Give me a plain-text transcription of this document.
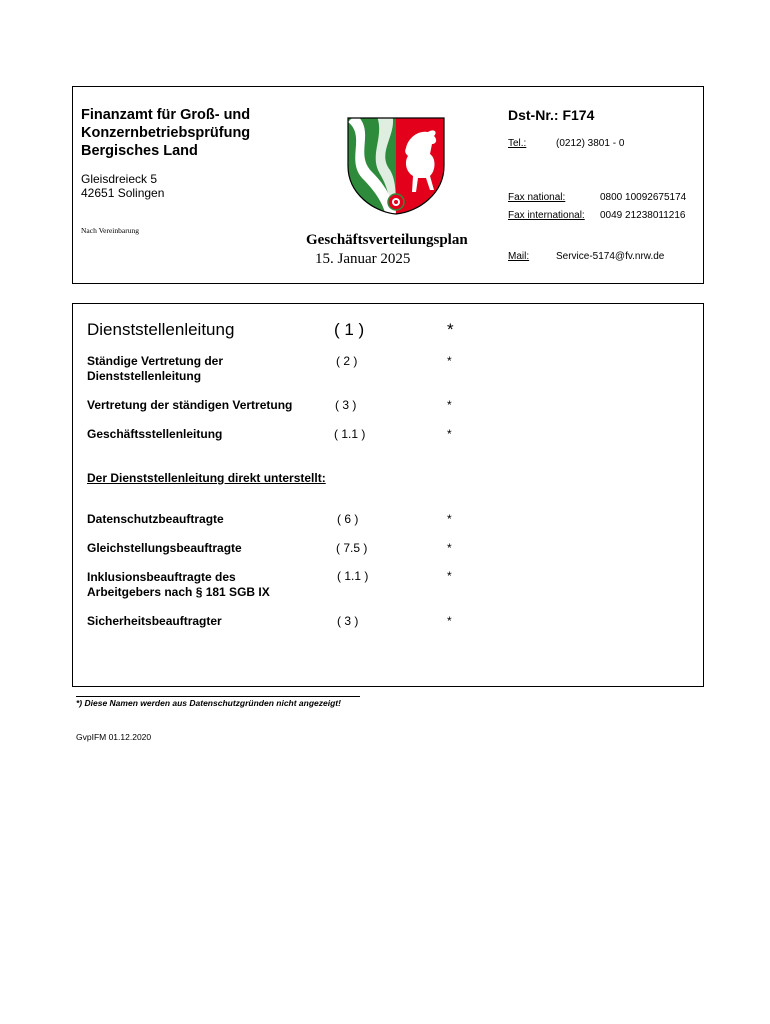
Finanzamt für Groß- und
Konzernbetriebsprüfung
Bergisches Land
Gleisdreieck 5
42651 Solingen
Nach Vereinbarung
Geschäftsverteilungsplan
15. Januar 2025
Dst-Nr.: F174
Tel.:	(0212) 3801 - 0
Fax national:	0800 10092675174
Fax international: 0049 21238011216
Mail:	Service-5174@fv.nrw.de
Dienststellenleitung	( 1 )	*
Ständige Vertretung der
Dienststellenleitung
( 2 )	*
Vertretung der ständigen Vertretung	( 3 )	*
Geschäftsstellenleitung	( 1.1 )	*
Der Dienststellenleitung direkt unterstellt:
Datenschutzbeauftragte	( 6 )	*
Gleichstellungsbeauftragte	( 7.5 )	*
Inklusionsbeauftragte des
Arbeitgebers nach § 181 SGB IX
( 1.1 )	*
Sicherheitsbeauftragter	( 3 )	*
*) Diese Namen werden aus Datenschutzgründen nicht angezeigt!
GvpIFM 01.12.2020
